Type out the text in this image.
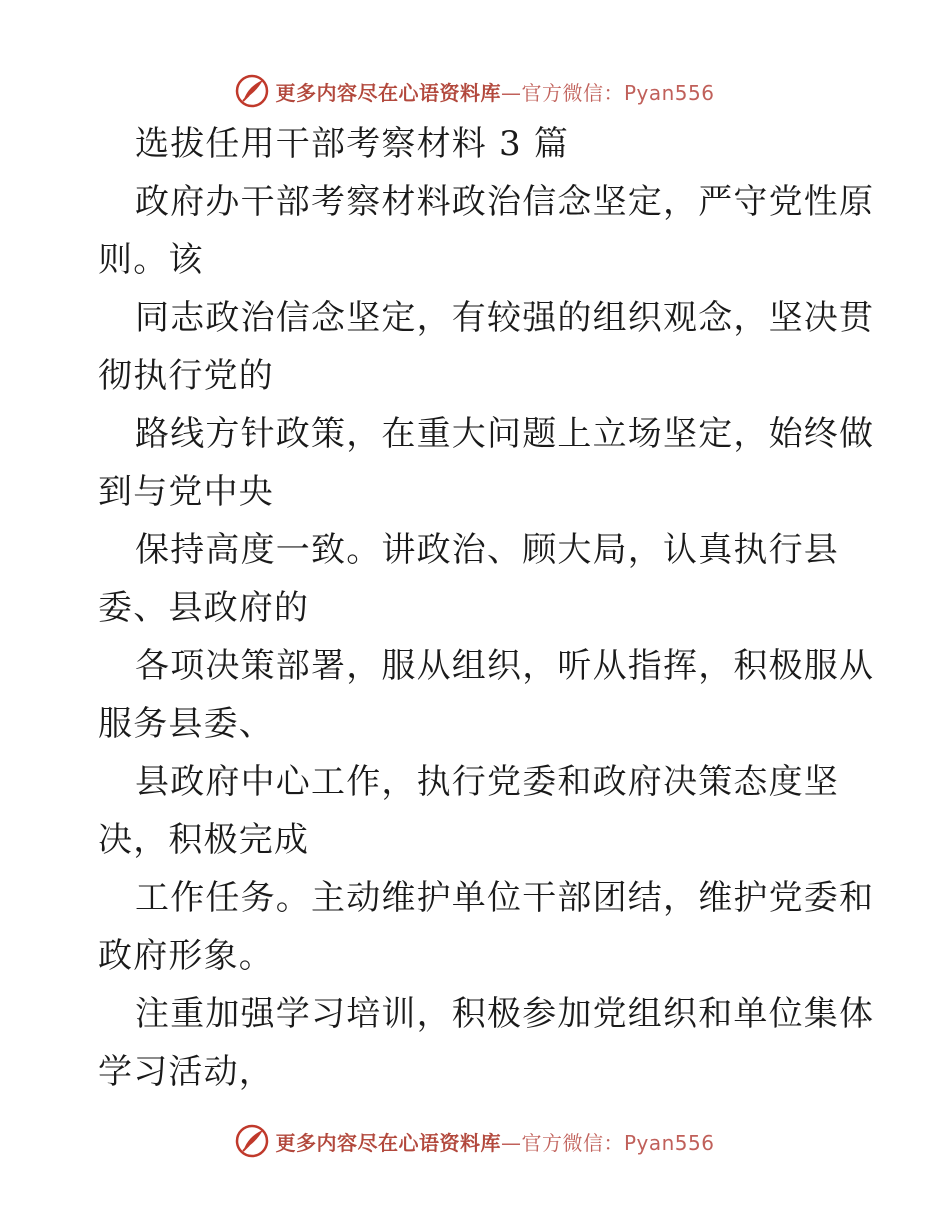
更多内容尽在心语资料库 —官方微信：Pyan556
选拔任用干部考察材料 3 篇
政府办干部考察材料政治信念坚定，严守党性原
则。该
同志政治信念坚定，有较强的组织观念，坚决贯
彻执行党的
路线方针政策，在重大问题上立场坚定，始终做
到与党中央
保持高度一致。讲政治、顾大局，认真执行县
委、县政府的
各项决策部署，服从组织，听从指挥，积极服从
服务县委、
县政府中心工作，执行党委和政府决策态度坚
决，积极完成
工作任务。主动维护单位干部团结，维护党委和
政府形象。
注重加强学习培训，积极参加党组织和单位集体
学习活动，
更多内容尽在心语资料库 —官方微信：Pyan556
